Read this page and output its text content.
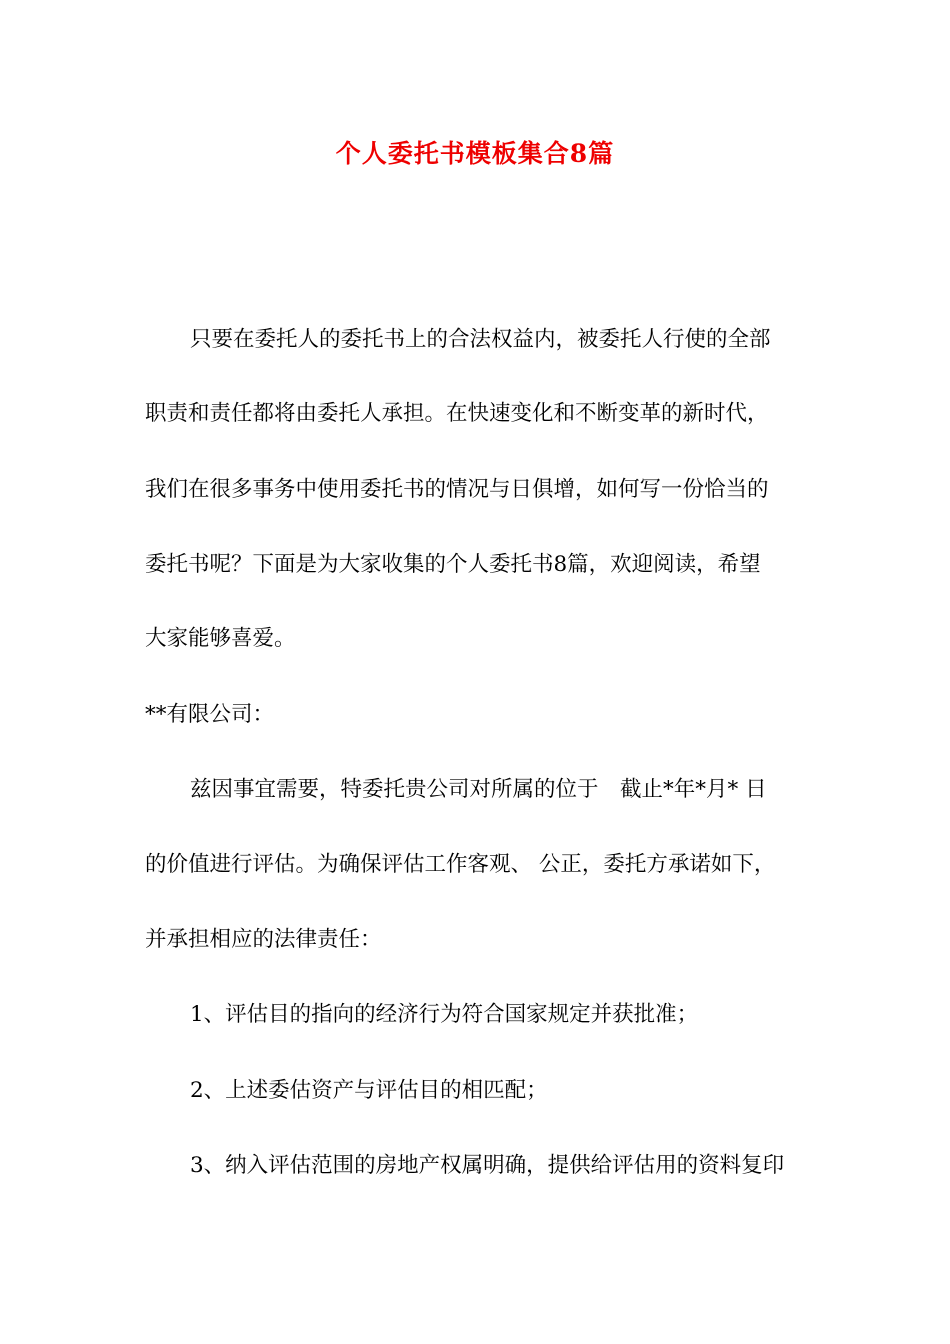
个人委托书模板集合8篇

只要在委托人的委托书上的合法权益内，被委托人行使的全部

职责和责任都将由委托人承担。在快速变化和不断变革的新时代，

我们在很多事务中使用委托书的情况与日俱增，如何写一份恰当的

委托书呢？下面是为大家收集的个人委托书8篇，欢迎阅读，希望

大家能够喜爱。

**有限公司：

兹因事宜需要，特委托贵公司对所属的位于　截止*年*月* 日

的价值进行评估。为确保评估工作客观、 公正，委托方承诺如下，

并承担相应的法律责任：

1、评估目的指向的经济行为符合国家规定并获批准；

2、上述委估资产与评估目的相匹配；

3、纳入评估范围的房地产权属明确，提供给评估用的资料复印
